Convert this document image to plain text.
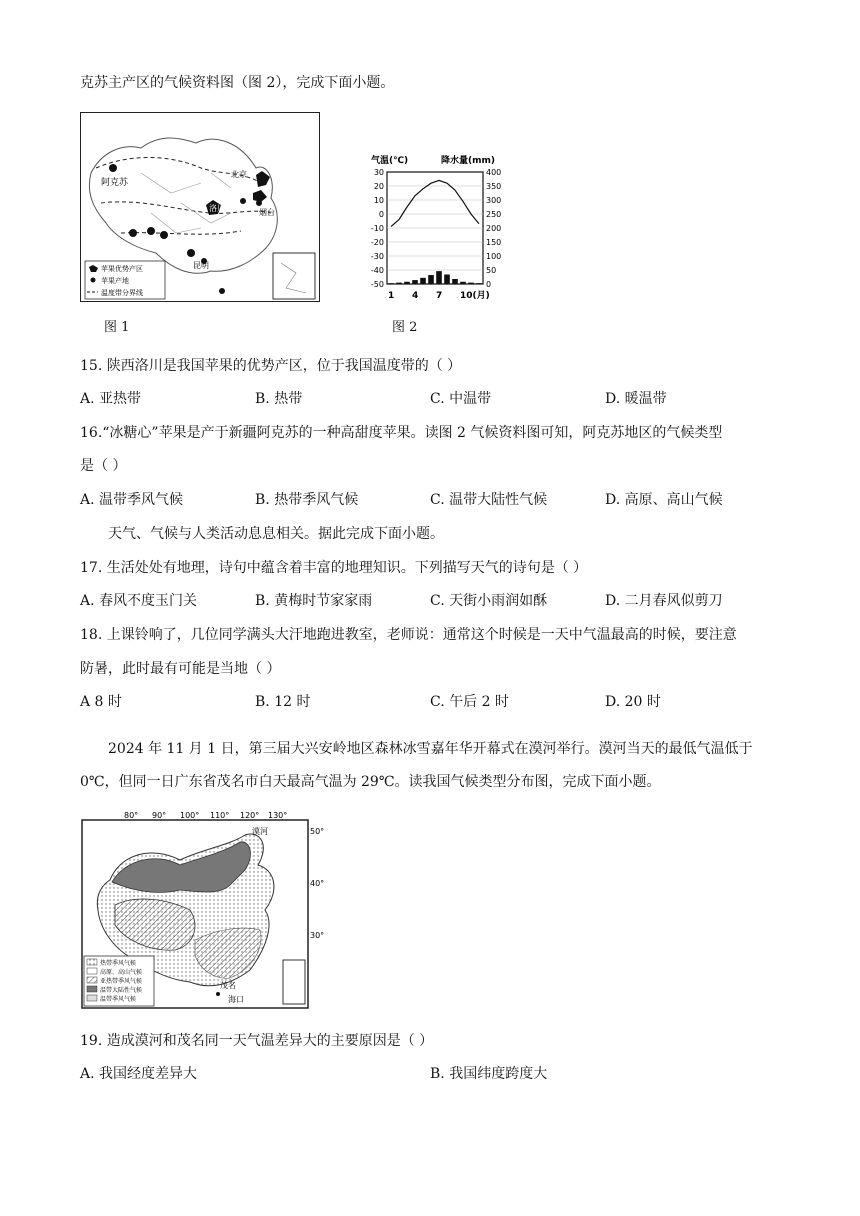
克苏主产区的气候资料图（图 2），完成下面小题。
阿克苏
北京
洛川	烟台
昆明
苹果优势产区
苹果产地
温度带分界线
图 1
气温(℃)	降水量(mm)
30
20
10
0
-10
-20
-30
-40
-50
400
350
300
250
200
150
100
50
0
1 4 7 10(月)
图 2
15. 陕西洛川是我国苹果的优势产区，位于我国温度带的（ ）
A. 亚热带	B. 热带	C. 中温带	D. 暖温带
16.“冰糖心”苹果是产于新疆阿克苏的一种高甜度苹果。读图 2 气候资料图可知，阿克苏地区的气候类型
是（ ）
A. 温带季风气候	B. 热带季风气候	C. 温带大陆性气候	D. 高原、高山气候
天气、气候与人类活动息息相关。据此完成下面小题。
17. 生活处处有地理，诗句中蕴含着丰富的地理知识。下列描写天气的诗句是（ ）
A. 春风不度玉门关	B. 黄梅时节家家雨	C. 天街小雨润如酥	D. 二月春风似剪刀
18. 上课铃响了，几位同学满头大汗地跑进教室，老师说：通常这个时候是一天中气温最高的时候，要注意
防暑，此时最有可能是当地（ ）
A 8 时	B. 12 时	C. 午后 2 时	D. 20 时
2024 年 11 月 1 日，第三届大兴安岭地区森林冰雪嘉年华开幕式在漠河举行。漠河当天的最低气温低于
0℃，但同一日广东省茂名市白天最高气温为 29℃。读我国气候类型分布图，完成下面小题。
80° 90° 100° 110° 120° 130°
50°
40°
30°
漠河
茂名
海口
热带季风气候
高原、高山气候
亚热带季风气候
温带大陆性气候
温带季风气候
19. 造成漠河和茂名同一天气温差异大的主要原因是（ ）
A. 我国经度差异大	B. 我国纬度跨度大
